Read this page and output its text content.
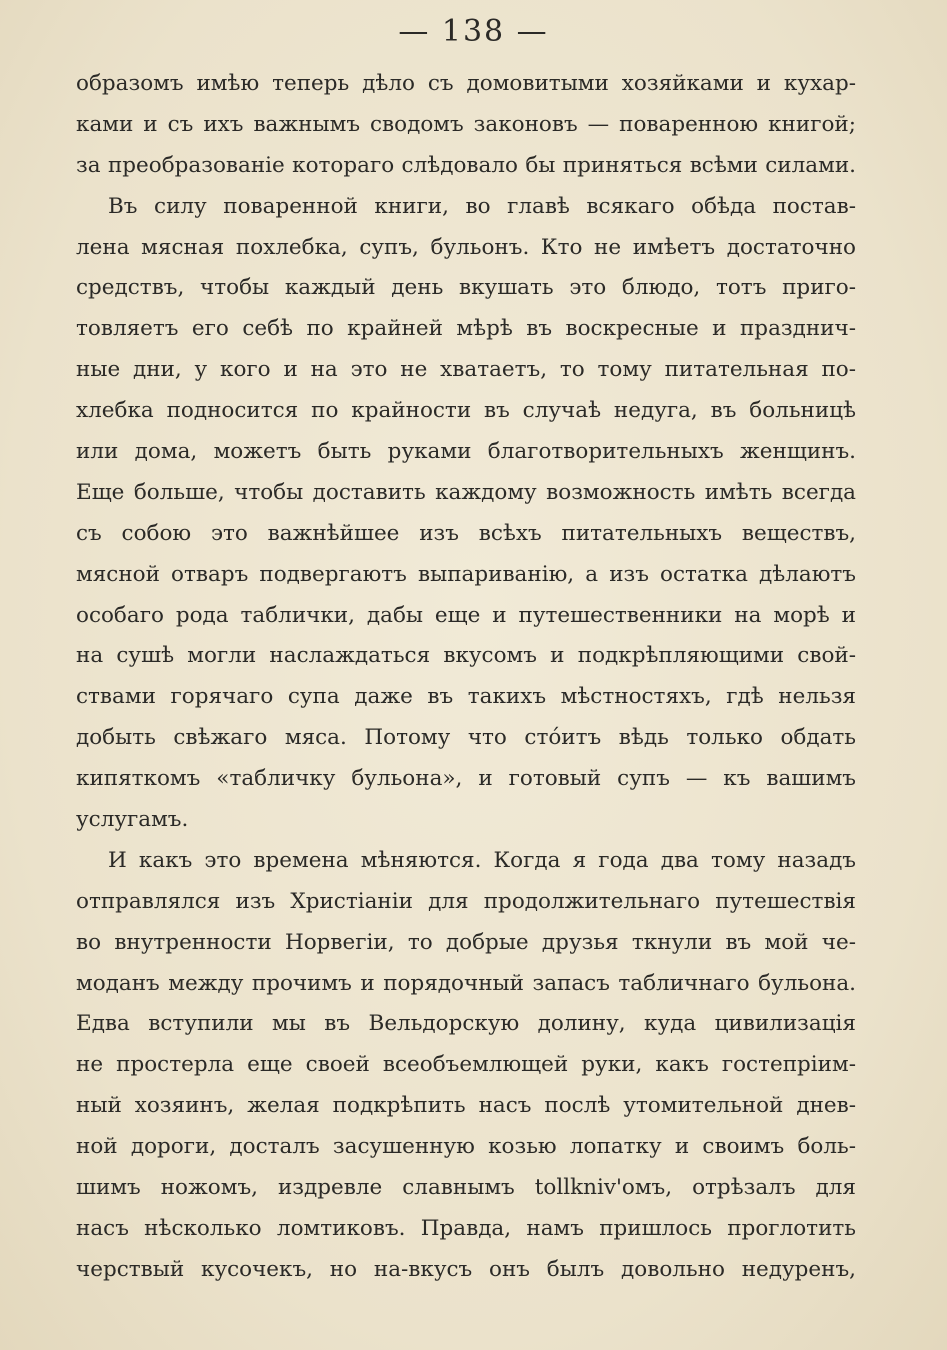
— 138 —
образомъ имѣю теперь дѣло съ домовитыми хозяйками и кухар-
ками и съ ихъ важнымъ сводомъ законовъ — поваренною книгой;
за преобразованіе котораго слѣдовало бы приняться всѣми силами.
Въ силу поваренной книги, во главѣ всякаго обѣда постав-
лена мясная похлебка, супъ, бульонъ. Кто не имѣетъ достаточно
средствъ, чтобы каждый день вкушать это блюдо, тотъ приго-
товляетъ его себѣ по крайней мѣрѣ въ воскресные и празднич-
ные дни, у кого и на это не хватаетъ, то тому питательная по-
хлебка подносится по крайности въ случаѣ недуга, въ больницѣ
или дома, можетъ быть руками благотворительныхъ женщинъ.
Еще больше, чтобы доставить каждому возможность имѣть всегда
съ собою это важнѣйшее изъ всѣхъ питательныхъ веществъ,
мясной отваръ подвергаютъ выпариванію, а изъ остатка дѣлаютъ
особаго рода таблички, дабы еще и путешественники на морѣ и
на сушѣ могли наслаждаться вкусомъ и подкрѣпляющими свой-
ствами горячаго супа даже въ такихъ мѣстностяхъ, гдѣ нельзя
добыть свѣжаго мяса. Потому что стóитъ вѣдь только обдать
кипяткомъ «табличку бульона», и готовый супъ — къ вашимъ
услугамъ.
И какъ это времена мѣняются. Когда я года два тому назадъ
отправлялся изъ Христіаніи для продолжительнаго путешествія
во внутренности Норвегіи, то добрые друзья ткнули въ мой че-
моданъ между прочимъ и порядочный запасъ табличнаго бульона.
Едва вступили мы въ Вельдорскую долину, куда цивилизація
не простерла еще своей всеобъемлющей руки, какъ гостепріим-
ный хозяинъ, желая подкрѣпить насъ послѣ утомительной днев-
ной дороги, досталъ засушенную козью лопатку и своимъ боль-
шимъ ножомъ, издревле славнымъ tollkniv'омъ, отрѣзалъ для
насъ нѣсколько ломтиковъ. Правда, намъ пришлось проглотить
черствый кусочекъ, но на-вкусъ онъ былъ довольно недуренъ,
